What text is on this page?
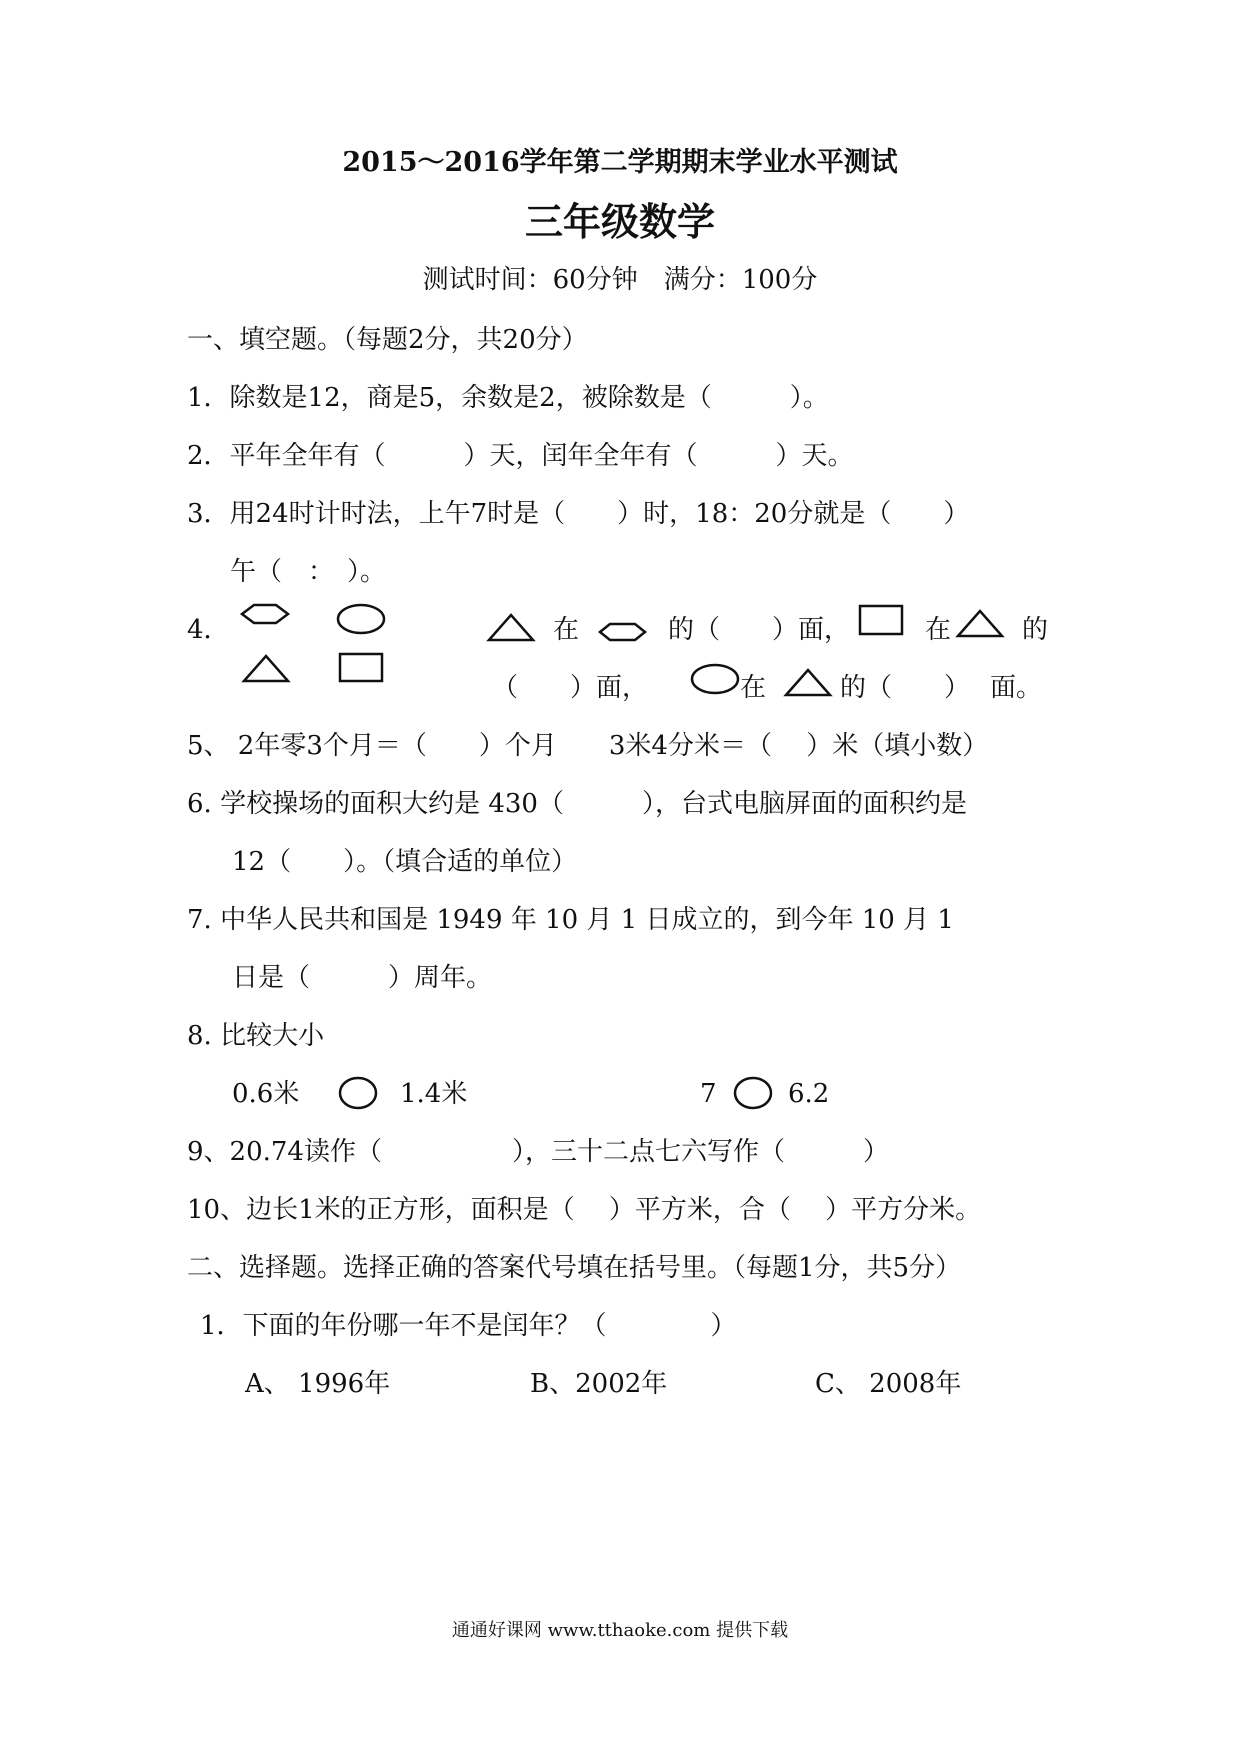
2015～2016学年第二学期期末学业水平测试
三年级数学
测试时间：60分钟　满分：100分
一、填空题。（每题2分，共20分）
1．除数是12，商是5，余数是2，被除数是（　　　）。
2．平年全年有（　　　）天，闰年全年有（　　　）天。
3．用24时计时法，上午7时是（　　）时，18：20分就是（　　）
午（　：　）。
4．	在	的（　　）面，	在	的
（　　）面，	在	的（　　） 面。
5、 2年零3个月＝（　　）个月　　3米4分米＝（　 ）米（填小数）
6. 学校操场的面积大约是 430（　　　），台式电脑屏面的面积约是
12（　　）。（填合适的单位）
7. 中华人民共和国是 1949 年 10 月 1 日成立的，到今年 10 月 1
日是（　　　）周年。
8. 比较大小
0.6米	1.4米	7	6.2
9、20.74读作（　　　　　），三十二点七六写作（　　　）
10、边长1米的正方形，面积是（　 ）平方米，合（　 ）平方分米。
二、选择题。选择正确的答案代号填在括号里。（每题1分，共5分）
1．下面的年份哪一年不是闰年？（　　　　）
A、 1996年	B、2002年	C、 2008年
通通好课网 www.tthaoke.com 提供下载
